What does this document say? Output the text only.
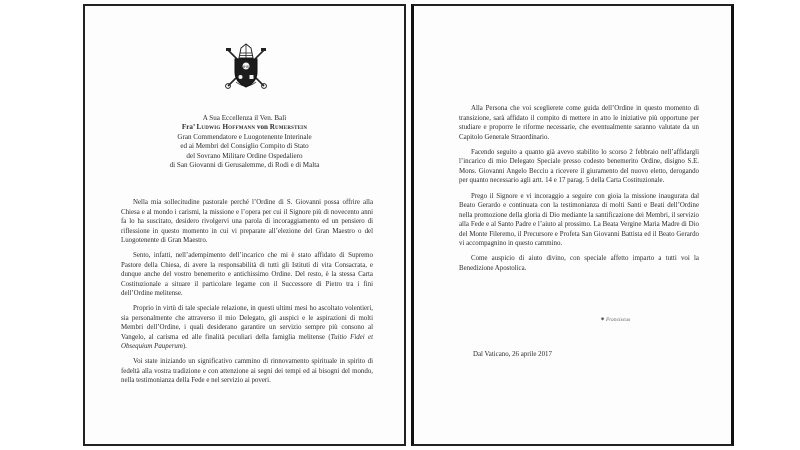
IHS
A Sua Eccellenza il Ven. Balì
Fra’ Ludwig Hoffmann von Rumerstein
Gran Commendatore e Luogotenente Interinale
ed ai Membri del Consiglio Compito di Stato
del Sovrano Militare Ordine Ospedaliero
di San Giovanni di Gerusalemme, di Rodi e di Malta

Nella mia sollecitudine pastorale perché l’Ordine di S. Giovanni possa offrire alla Chiesa e al mondo i carismi, la missione e l’opera per cui il Signore più di novecento anni fa lo ha suscitato, desidero rivolgervi una parola di incoraggiamento ed un pensiero di riflessione in questo momento in cui vi preparate all’elezione del Gran Maestro o del Luogotenente di Gran Maestro.

Sento, infatti, nell’adempimento dell’incarico che mi è stato affidato di Supremo Pastore della Chiesa, di avere la responsabilità di tutti gli Istituti di vita Consacrata, e dunque anche del vostro benemerito e antichissimo Ordine. Del resto, è la stessa Carta Costituzionale a situare il particolare legame con il Successore di Pietro tra i fini dell’Ordine melitense.

Proprio in virtù di tale speciale relazione, in questi ultimi mesi ho ascoltato volentieri, sia personalmente che attraverso il mio Delegato, gli auspici e le aspirazioni di molti Membri dell’Ordine, i quali desiderano garantire un servizio sempre più consono al Vangelo, al carisma ed alle finalità peculiari della famiglia melitense (Tuitio Fidei et Obsequium Pauperum).

Voi state iniziando un significativo cammino di rinnovamento spirituale in spirito di fedeltà alla vostra tradizione e con attenzione ai segni dei tempi ed ai bisogni del mondo, nella testimonianza della Fede e nel servizio ai poveri.

Alla Persona che voi sceglierete come guida dell’Ordine in questo momento di transizione, sarà affidato il compito di mettere in atto le iniziative più opportune per studiare e proporre le riforme necessarie, che eventualmente saranno valutate da un Capitolo Generale Straordinario.

Facendo seguito a quanto già avevo stabilito lo scorso 2 febbraio nell’affidargli l’incarico di mio Delegato Speciale presso codesto benemerito Ordine, disigno S.E. Mons. Giovanni Angelo Becciu a ricevere il giuramento del nuovo eletto, derogando per quanto necessario agli artt. 14 e 17 parag. 5 della Carta Costituzionale.

Prego il Signore e vi incoraggio a seguire con gioia la missione inaugurata dal Beato Gerardo e continuata con la testimonianza di molti Santi e Beati dell’Ordine nella promozione della gloria di Dio mediante la santificazione dei Membri, il servizio alla Fede e al Santo Padre e l’aiuto al prossimo. La Beata Vergine Maria Madre di Dio del Monte Fileremo, il Precursore e Profeta San Giovanni Battista ed il Beato Gerardo vi accompagnino in questo cammino.

Come auspicio di aiuto divino, con speciale affetto imparto a tutti voi la Benedizione Apostolica.

⁕Franciscus
Dal Vaticano, 26 aprile 2017
